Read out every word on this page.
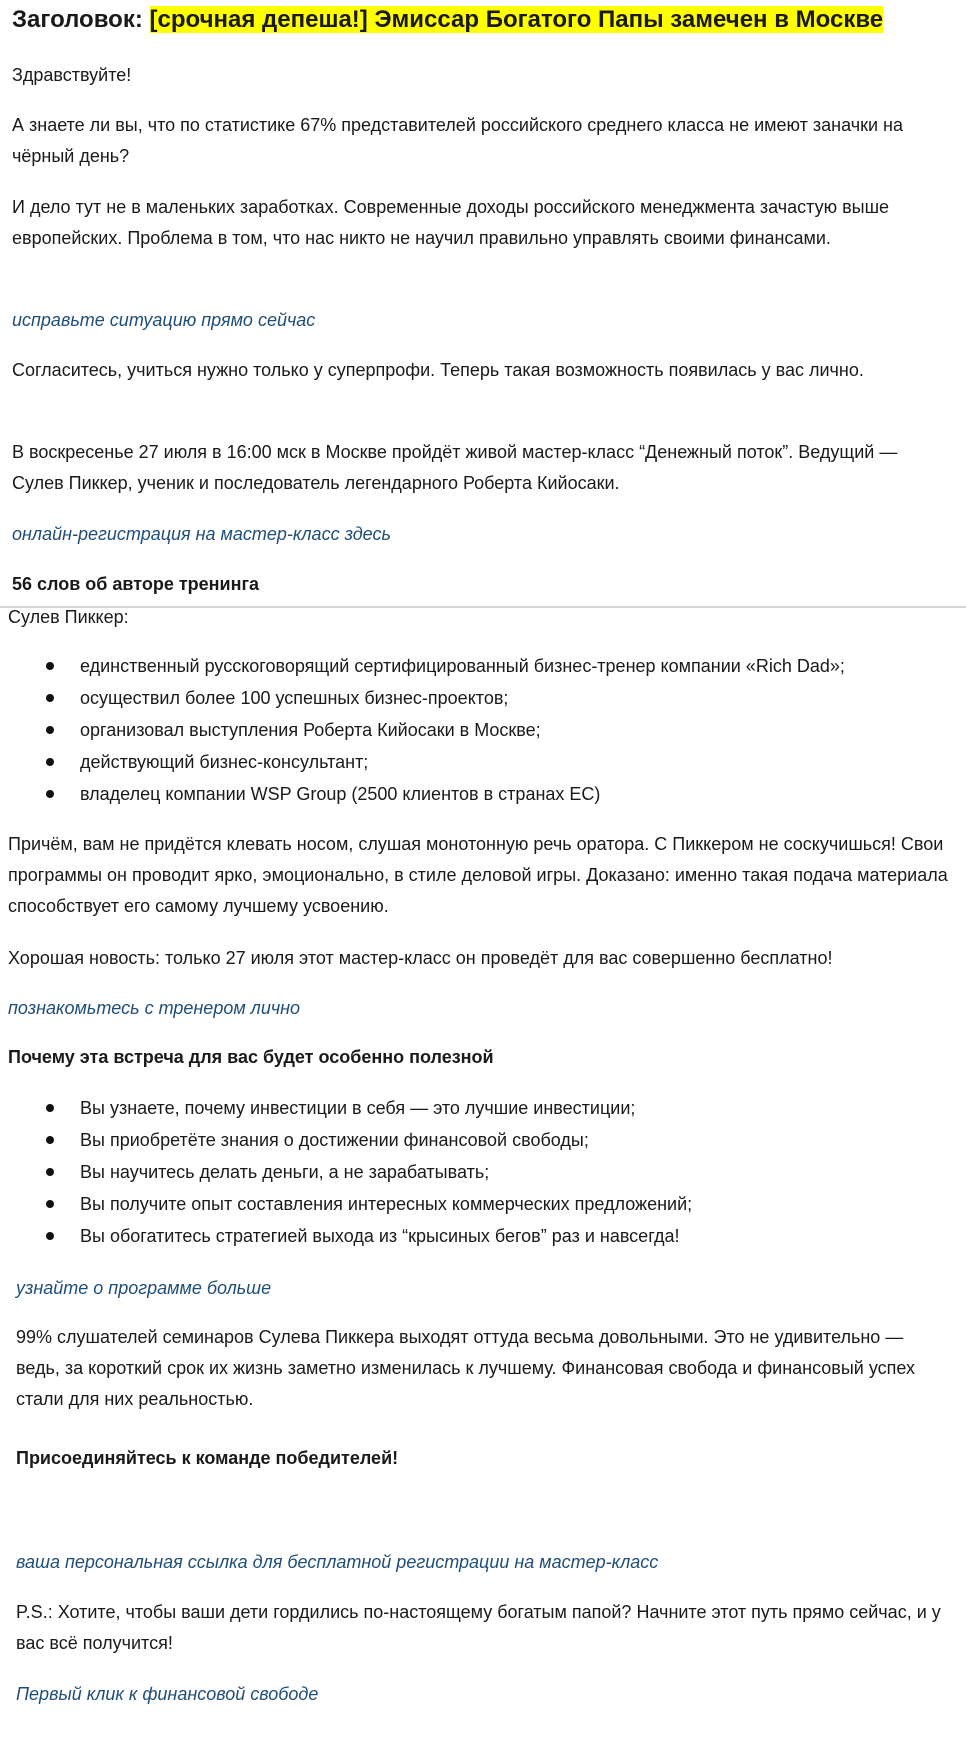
Заголовок: [срочная депеша!] Эмиссар Богатого Папы замечен в Москве

Здравствуйте!

А знаете ли вы, что по статистике 67% представителей российского среднего класса не имеют заначки на чёрный день?

И дело тут не в маленьких заработках. Современные доходы российского менеджмента зачастую выше европейских. Проблема в том, что нас никто не научил правильно управлять своими финансами.

исправьте ситуацию прямо сейчас

Согласитесь, учиться нужно только у суперпрофи. Теперь такая возможность появилась у вас лично.

В воскресенье 27 июля в 16:00 мск в Москве пройдёт живой мастер-класс “Денежный поток”. Ведущий — Сулев Пиккер, ученик и последователь легендарного Роберта Кийосаки.

онлайн-регистрация на мастер-класс здесь

56 слов об авторе тренинга

Сулев Пиккер:

единственный русскоговорящий сертифицированный бизнес-тренер компании «Rich Dad»;
осуществил более 100 успешных бизнес-проектов;
организовал выступления Роберта Кийосаки в Москве;
действующий бизнес-консультант;
владелец компании WSP Group (2500 клиентов в странах ЕС)

Причём, вам не придётся клевать носом, слушая монотонную речь оратора. С Пиккером не соскучишься! Свои программы он проводит ярко, эмоционально, в стиле деловой игры. Доказано: именно такая подача материала способствует его самому лучшему усвоению.

Хорошая новость: только 27 июля этот мастер-класс он проведёт для вас совершенно бесплатно!

познакомьтесь с тренером лично

Почему эта встреча для вас будет особенно полезной

Вы узнаете, почему инвестиции в себя — это лучшие инвестиции;
Вы приобретёте знания о достижении финансовой свободы;
Вы научитесь делать деньги, а не зарабатывать;
Вы получите опыт составления интересных коммерческих предложений;
Вы обогатитесь стратегией выхода из “крысиных бегов” раз и навсегда!

узнайте о программе больше

99% слушателей семинаров Сулева Пиккера выходят оттуда весьма довольными. Это не удивительно — ведь, за короткий срок их жизнь заметно изменилась к лучшему. Финансовая свобода и финансовый успех стали для них реальностью.

Присоединяйтесь к команде победителей!

ваша персональная ссылка для бесплатной регистрации на мастер-класс

P.S.: Хотите, чтобы ваши дети гордились по-настоящему богатым папой? Начните этот путь прямо сейчас, и у вас всё получится!

Первый клик к финансовой свободе
